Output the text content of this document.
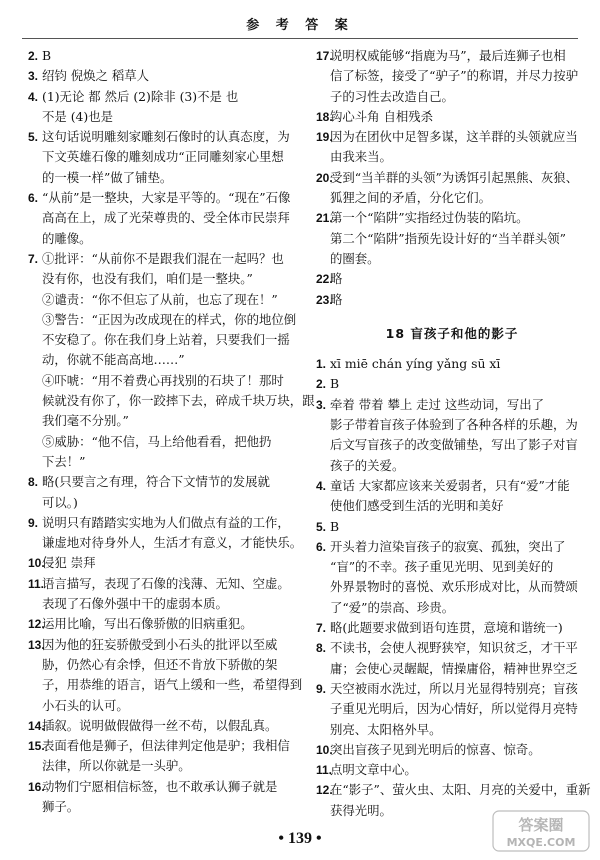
参 考 答 案
2. B
3. 绍钧 倪焕之 稻草人
4. (1)无论 都 然后 (2)除非 (3)不是 也
不是 (4)也是
5. 这句话说明雕刻家雕刻石像时的认真态度，为
下文英雄石像的雕刻成功“正同雕刻家心里想
的一模一样”做了铺垫。
6. “从前”是一整块，大家是平等的。“现在”石像
高高在上，成了光荣尊贵的、受全体市民崇拜
的雕像。
7. ①批评：“从前你不是跟我们混在一起吗？也
没有你，也没有我们，咱们是一整块。”
②谴责：“你不但忘了从前，也忘了现在！”
③警告：“正因为改成现在的样式，你的地位倒
不安稳了。你在我们身上站着，只要我们一摇
动，你就不能高高地……”
④吓唬：“用不着费心再找别的石块了！那时
候就没有你了，你一跤摔下去，碎成千块万块，跟
我们毫不分别。”
⑤威胁：“他不信，马上给他看看，把他扔
下去！”
8. 略(只要言之有理，符合下文情节的发展就
可以。)
9. 说明只有踏踏实实地为人们做点有益的工作，
谦虚地对待身外人，生活才有意义，才能快乐。
10.
侵犯 崇拜
11.
语言描写，表现了石像的浅薄、无知、空虚。
表现了石像外强中干的虚弱本质。
12.
运用比喻，写出石像骄傲的旧病重犯。
13.
因为他的狂妄骄傲受到小石头的批评以至威
胁，仍然心有余悸，但还不肯放下骄傲的架
子，用恭维的语言，语气上缓和一些，希望得到
小石头的认可。
14.
插叙。说明做假做得一丝不苟，以假乱真。
15.
表面看他是狮子，但法律判定他是驴；我相信
法律，所以你就是一头驴。
16.
动物们宁愿相信标签，也不敢承认狮子就是
狮子。
17.
说明权威能够“指鹿为马”，最后连狮子也相
信了标签，接受了“驴子”的称谓，并尽力按驴
子的习性去改造自己。
18.
钩心斗角 自相残杀
19.
因为在团伙中足智多谋，这羊群的头领就应当
由我来当。
20.
受到“当羊群的头领”为诱饵引起黑熊、灰狼、
狐狸之间的矛盾，分化它们。
21.
第一个“陷阱”实指经过伪装的陷坑。
第二个“陷阱”指预先设计好的“当羊群头领”
的圈套。
22.
略
23.
略
18 盲孩子和他的影子
1. xī miē chán yíng yǎng sū xī
2. B
3. 牵着 带着 攀上 走过 这些动词，写出了
影子带着盲孩子体验到了各种各样的乐趣，为
后文写盲孩子的改变做铺垫，写出了影子对盲
孩子的关爱。
4. 童话 大家都应该来关爱弱者，只有“爱”才能
使他们感受到生活的光明和美好
5. B
6. 开头着力渲染盲孩子的寂寞、孤独，突出了
“盲”的不幸。孩子重见光明、见到美好的
外界景物时的喜悦、欢乐形成对比，从而赞颂
了“爱”的崇高、珍贵。
7. 略(此题要求做到语句连贯，意境和谐统一)
8. 不读书，会使人视野狭窄，知识贫乏，才干平
庸；会使心灵龌龊，情操庸俗，精神世界空乏
9. 天空被雨水洗过，所以月光显得特别亮；盲孩
子重见光明后，因为心情好，所以觉得月亮特
别亮、太阳格外早。
10.
突出盲孩子见到光明后的惊喜、惊奇。
11.
点明文章中心。
12.
在“影子”、萤火虫、太阳、月亮的关爱中，重新
获得光明。
• 139 •
答案圈
MXQE.COM
